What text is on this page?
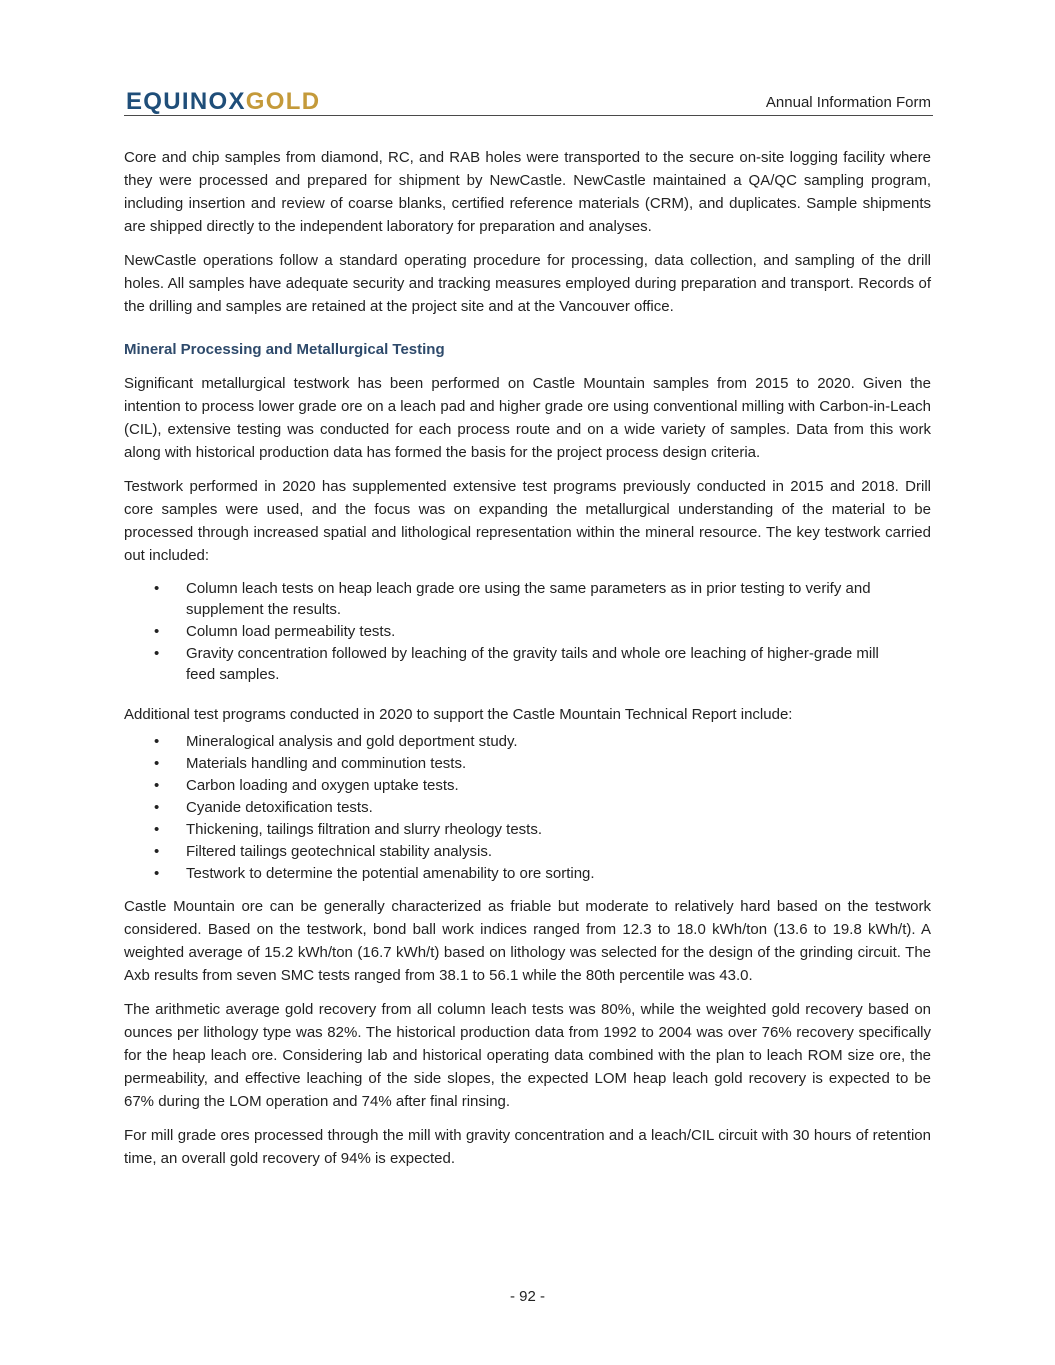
EQUINOXGOLD	Annual Information Form

Core and chip samples from diamond, RC, and RAB holes were transported to the secure on-site logging facility where they were processed and prepared for shipment by NewCastle. NewCastle maintained a QA/QC sampling program, including insertion and review of coarse blanks, certified reference materials (CRM), and duplicates. Sample shipments are shipped directly to the independent laboratory for preparation and analyses.

NewCastle operations follow a standard operating procedure for processing, data collection, and sampling of the drill holes. All samples have adequate security and tracking measures employed during preparation and transport. Records of the drilling and samples are retained at the project site and at the Vancouver office.

Mineral Processing and Metallurgical Testing

Significant metallurgical testwork has been performed on Castle Mountain samples from 2015 to 2020. Given the intention to process lower grade ore on a leach pad and higher grade ore using conventional milling with Carbon-in-Leach (CIL), extensive testing was conducted for each process route and on a wide variety of samples. Data from this work along with historical production data has formed the basis for the project process design criteria.

Testwork performed in 2020 has supplemented extensive test programs previously conducted in 2015 and 2018. Drill core samples were used, and the focus was on expanding the metallurgical understanding of the material to be processed through increased spatial and lithological representation within the mineral resource. The key testwork carried out included:

• Column leach tests on heap leach grade ore using the same parameters as in prior testing to verify and supplement the results.
• Column load permeability tests.
• Gravity concentration followed by leaching of the gravity tails and whole ore leaching of higher-grade mill feed samples.

Additional test programs conducted in 2020 to support the Castle Mountain Technical Report include:

• Mineralogical analysis and gold deportment study.
• Materials handling and comminution tests.
• Carbon loading and oxygen uptake tests.
• Cyanide detoxification tests.
• Thickening, tailings filtration and slurry rheology tests.
• Filtered tailings geotechnical stability analysis.
• Testwork to determine the potential amenability to ore sorting.

Castle Mountain ore can be generally characterized as friable but moderate to relatively hard based on the testwork considered. Based on the testwork, bond ball work indices ranged from 12.3 to 18.0 kWh/ton (13.6 to 19.8 kWh/t). A weighted average of 15.2 kWh/ton (16.7 kWh/t) based on lithology was selected for the design of the grinding circuit. The Axb results from seven SMC tests ranged from 38.1 to 56.1 while the 80th percentile was 43.0.

The arithmetic average gold recovery from all column leach tests was 80%, while the weighted gold recovery based on ounces per lithology type was 82%. The historical production data from 1992 to 2004 was over 76% recovery specifically for the heap leach ore. Considering lab and historical operating data combined with the plan to leach ROM size ore, the permeability, and effective leaching of the side slopes, the expected LOM heap leach gold recovery is expected to be 67% during the LOM operation and 74% after final rinsing.

For mill grade ores processed through the mill with gravity concentration and a leach/CIL circuit with 30 hours of retention time, an overall gold recovery of 94% is expected.

- 92 -
